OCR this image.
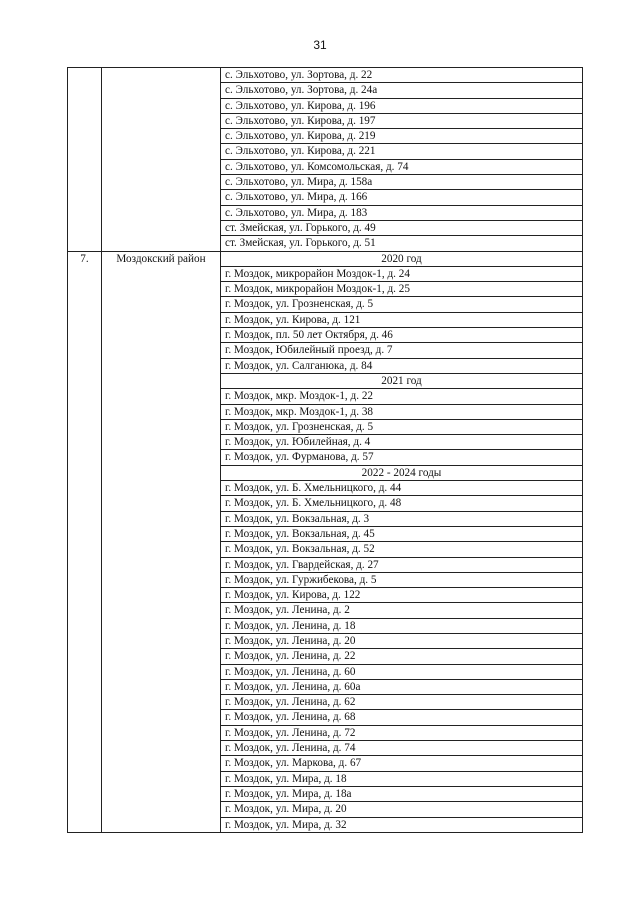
31
		с. Эльхотово, ул. Зортова, д. 22
		с. Эльхотово, ул. Зортова, д. 24а
		с. Эльхотово, ул. Кирова, д. 196
		с. Эльхотово, ул. Кирова, д. 197
		с. Эльхотово, ул. Кирова, д. 219
		с. Эльхотово, ул. Кирова, д. 221
		с. Эльхотово, ул. Комсомольская, д. 74
		с. Эльхотово, ул. Мира, д. 158а
		с. Эльхотово, ул. Мира, д. 166
		с. Эльхотово, ул. Мира, д. 183
		ст. Змейская, ул. Горького, д. 49
		ст. Змейская, ул. Горького, д. 51
7.	Моздокский район	2020 год
		г. Моздок, микрорайон Моздок-1, д. 24
		г. Моздок, микрорайон Моздок-1, д. 25
		г. Моздок, ул. Грозненская, д. 5
		г. Моздок, ул. Кирова, д. 121
		г. Моздок, пл. 50 лет Октября, д. 46
		г. Моздок, Юбилейный проезд, д. 7
		г. Моздок, ул. Салганюка, д. 84
		2021 год
		г. Моздок, мкр. Моздок-1, д. 22
		г. Моздок, мкр. Моздок-1, д. 38
		г. Моздок, ул. Грозненская, д. 5
		г. Моздок, ул. Юбилейная, д. 4
		г. Моздок, ул. Фурманова, д. 57
		2022 - 2024 годы
		г. Моздок, ул. Б. Хмельницкого, д. 44
		г. Моздок, ул. Б. Хмельницкого, д. 48
		г. Моздок, ул. Вокзальная, д. 3
		г. Моздок, ул. Вокзальная, д. 45
		г. Моздок, ул. Вокзальная, д. 52
		г. Моздок, ул. Гвардейская, д. 27
		г. Моздок, ул. Гуржибекова, д. 5
		г. Моздок, ул. Кирова, д. 122
		г. Моздок, ул. Ленина, д. 2
		г. Моздок, ул. Ленина, д. 18
		г. Моздок, ул. Ленина, д. 20
		г. Моздок, ул. Ленина, д. 22
		г. Моздок, ул. Ленина, д. 60
		г. Моздок, ул. Ленина, д. 60а
		г. Моздок, ул. Ленина, д. 62
		г. Моздок, ул. Ленина, д. 68
		г. Моздок, ул. Ленина, д. 72
		г. Моздок, ул. Ленина, д. 74
		г. Моздок, ул. Маркова, д. 67
		г. Моздок, ул. Мира, д. 18
		г. Моздок, ул. Мира, д. 18а
		г. Моздок, ул. Мира, д. 20
		г. Моздок, ул. Мира, д. 32
